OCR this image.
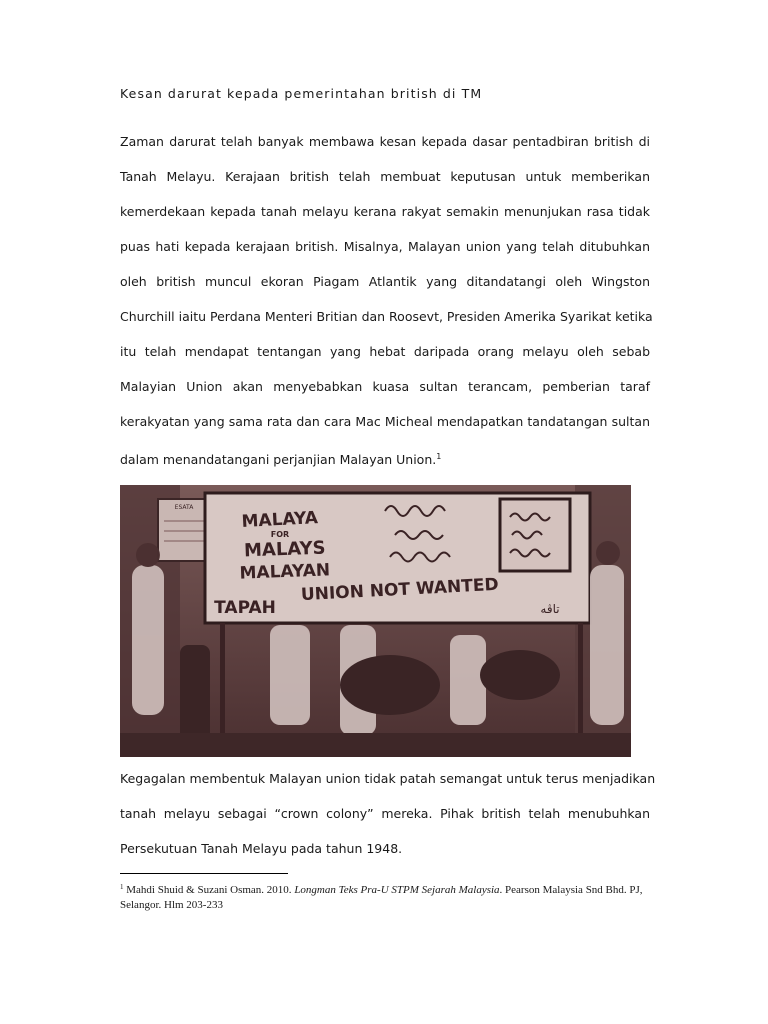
Kesan darurat kepada pemerintahan british di TM
Zaman darurat telah banyak membawa kesan kepada dasar pentadbiran british di
Tanah Melayu. Kerajaan british telah membuat keputusan untuk memberikan
kemerdekaan kepada tanah melayu kerana rakyat semakin menunjukan rasa tidak
puas hati kepada kerajaan british. Misalnya, Malayan union yang telah ditubuhkan
oleh british muncul ekoran Piagam Atlantik yang ditandatangi oleh Wingston
Churchill iaitu Perdana Menteri Britian dan Roosevt, Presiden Amerika Syarikat ketika
itu telah mendapat tentangan yang hebat daripada orang melayu oleh sebab
Malayian Union akan menyebabkan kuasa sultan terancam, pemberian taraf
kerakyatan yang sama rata dan cara Mac Micheal mendapatkan tandatangan sultan
dalam menandatangani perjanjian Malayan Union.$^1$
ESATA
MALAYA
FOR
MALAYS
MALAYAN
UNION NOT WANTED
TAPAH	تاڤه
Kegagalan membentuk Malayan union tidak patah semangat untuk terus menjadikan
tanah melayu sebagai “crown colony” mereka. Pihak british telah menubuhkan
Persekutuan Tanah Melayu pada tahun 1948.
$^1$ Mahdi Shuid & Suzani Osman. 2010. Longman Teks Pra-U STPM Sejarah Malaysia. Pearson Malaysia Snd Bhd. PJ, Selangor. Hlm 203-233
